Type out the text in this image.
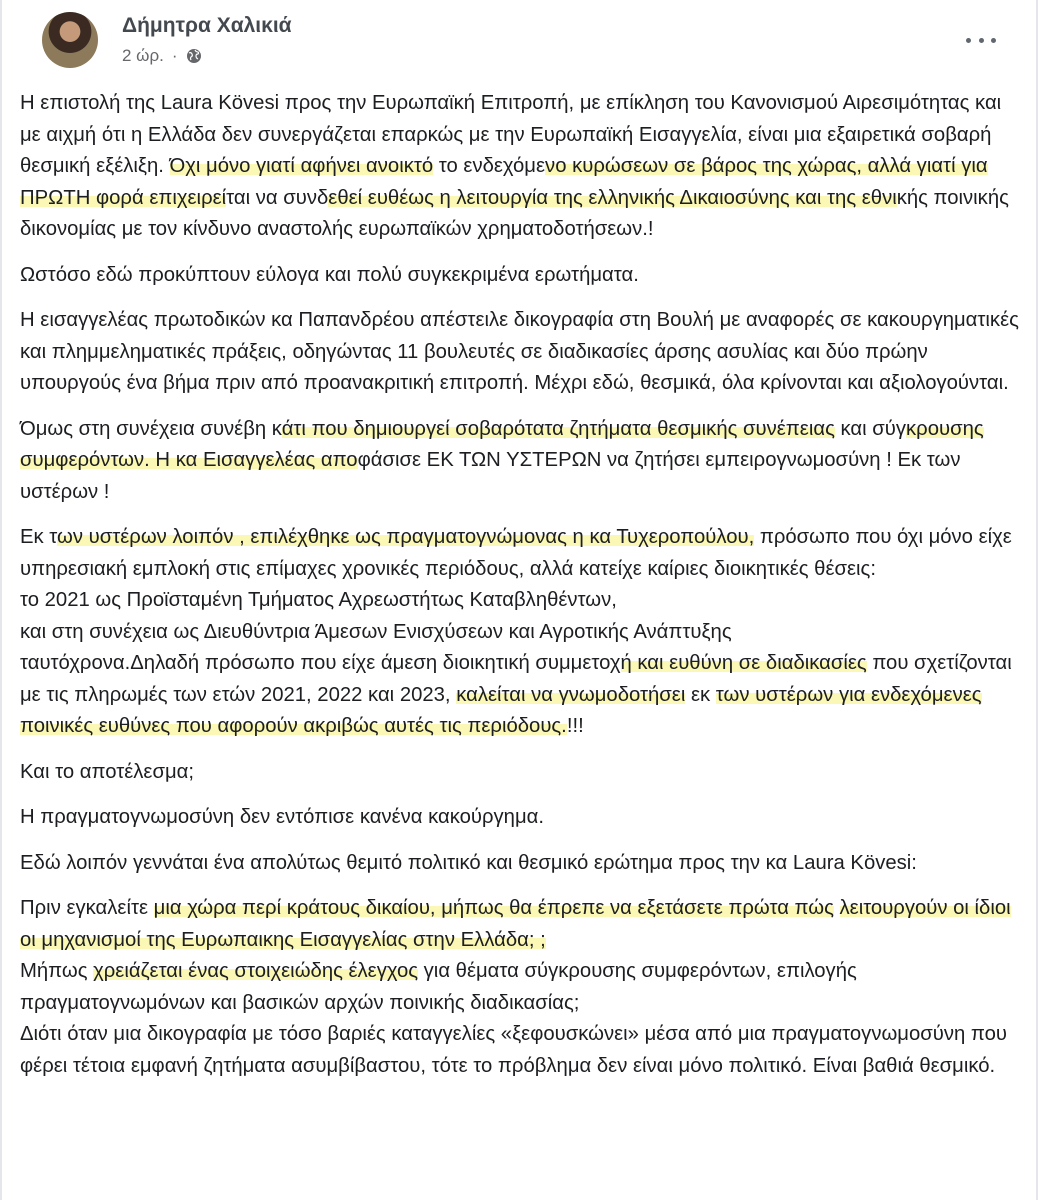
Δήμητρα Χαλικιά
2 ώρ. ·

Η επιστολή της Laura Kövesi προς την Ευρωπαϊκή Επιτροπή, με επίκληση του Κανονισμού Αιρεσιμότητας και με αιχμή ότι η Ελλάδα δεν συνεργάζεται επαρκώς με την Ευρωπαϊκή Εισαγγελία, είναι μια εξαιρετικά σοβαρή θεσμική εξέλιξη. Όχι μόνο γιατί αφήνει ανοικτό το ενδεχόμενο κυρώσεων σε βάρος της χώρας, αλλά γιατί για ΠΡΩΤΗ φορά επιχειρείται να συνδεθεί ευθέως η λειτουργία της ελληνικής Δικαιοσύνης και της εθνικής ποινικής δικονομίας με τον κίνδυνο αναστολής ευρωπαϊκών χρηματοδοτήσεων.!

Ωστόσο εδώ προκύπτουν εύλογα και πολύ συγκεκριμένα ερωτήματα.

Η εισαγγελέας πρωτοδικών κα Παπανδρέου απέστειλε δικογραφία στη Βουλή με αναφορές σε κακουργηματικές και πλημμεληματικές πράξεις, οδηγώντας 11 βουλευτές σε διαδικασίες άρσης ασυλίας και δύο πρώην υπουργούς ένα βήμα πριν από προανακριτική επιτροπή. Μέχρι εδώ, θεσμικά, όλα κρίνονται και αξιολογούνται.

Όμως στη συνέχεια συνέβη κάτι που δημιουργεί σοβαρότατα ζητήματα θεσμικής συνέπειας και σύγκρουσης συμφερόντων. Η κα Εισαγγελέας αποφάσισε ΕΚ ΤΩΝ ΥΣΤΕΡΩΝ να ζητήσει εμπειρογνωμοσύνη ! Εκ των υστέρων !

Εκ των υστέρων λοιπόν , επιλέχθηκε ως πραγματογνώμονας η κα Τυχεροπούλου, πρόσωπο που όχι μόνο είχε υπηρεσιακή εμπλοκή στις επίμαχες χρονικές περιόδους, αλλά κατείχε καίριες διοικητικές θέσεις:
το 2021 ως Προϊσταμένη Τμήματος Αχρεωστήτως Καταβληθέντων,
και στη συνέχεια ως Διευθύντρια Άμεσων Ενισχύσεων και Αγροτικής Ανάπτυξης
ταυτόχρονα.Δηλαδή πρόσωπο που είχε άμεση διοικητική συμμετοχή και ευθύνη σε διαδικασίες που σχετίζονται με τις πληρωμές των ετών 2021, 2022 και 2023, καλείται να γνωμοδοτήσει εκ των υστέρων για ενδεχόμενες ποινικές ευθύνες που αφορούν ακριβώς αυτές τις περιόδους.!!!

Και το αποτέλεσμα;

Η πραγματογνωμοσύνη δεν εντόπισε κανένα κακούργημα.

Εδώ λοιπόν γεννάται ένα απολύτως θεμιτό πολιτικό και θεσμικό ερώτημα προς την κα Laura Kövesi:

Πριν εγκαλείτε μια χώρα περί κράτους δικαίου, μήπως θα έπρεπε να εξετάσετε πρώτα πώς λειτουργούν οι ίδιοι οι μηχανισμοί της Ευρωπαικης Εισαγγελίας στην Ελλάδα; ;
Μήπως χρειάζεται ένας στοιχειώδης έλεγχος για θέματα σύγκρουσης συμφερόντων, επιλογής πραγματογνωμόνων και βασικών αρχών ποινικής διαδικασίας;
Διότι όταν μια δικογραφία με τόσο βαριές καταγγελίες «ξεφουσκώνει» μέσα από μια πραγματογνωμοσύνη που φέρει τέτοια εμφανή ζητήματα ασυμβίβαστου, τότε το πρόβλημα δεν είναι μόνο πολιτικό. Είναι βαθιά θεσμικό.
